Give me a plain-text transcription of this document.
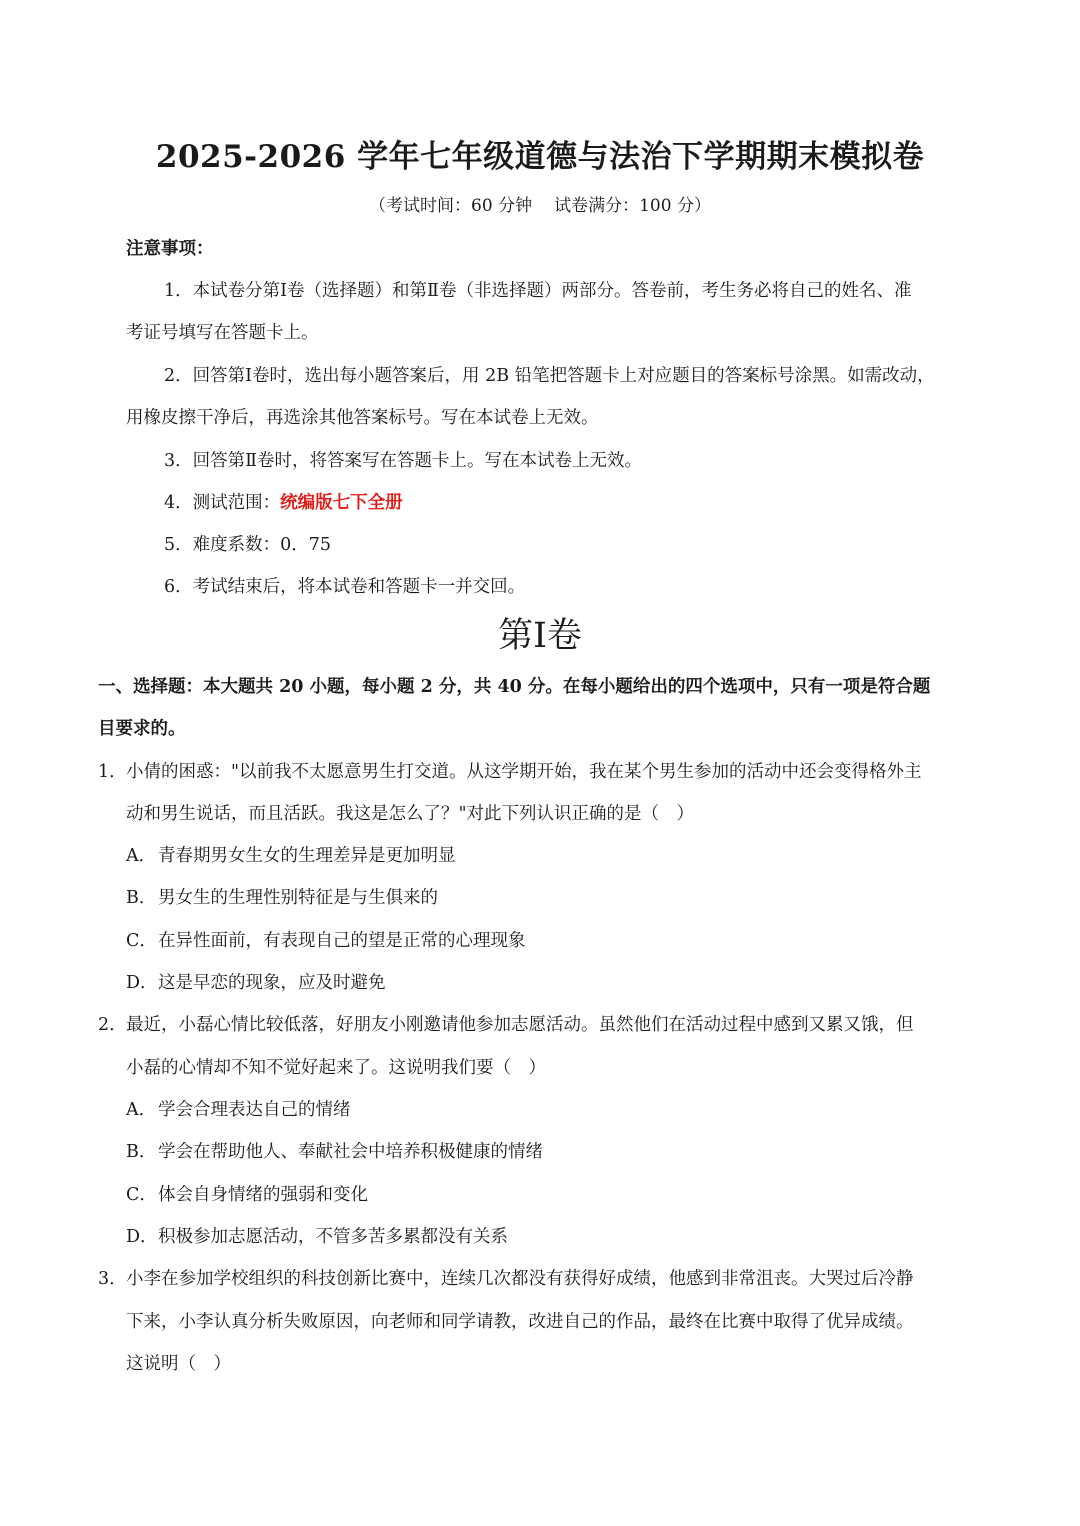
2025-2026 学年七年级道德与法治下学期期末模拟卷
（考试时间：60 分钟 试卷满分：100 分）
注意事项：
1．本试卷分第Ⅰ卷（选择题）和第Ⅱ卷（非选择题）两部分。答卷前，考生务必将自己的姓名、准
考证号填写在答题卡上。
2．回答第Ⅰ卷时，选出每小题答案后，用 2B 铅笔把答题卡上对应题目的答案标号涂黑。如需改动，
用橡皮擦干净后，再选涂其他答案标号。写在本试卷上无效。
3．回答第Ⅱ卷时，将答案写在答题卡上。写在本试卷上无效。
4．测试范围：统编版七下全册
5．难度系数：0．75
6．考试结束后，将本试卷和答题卡一并交回。
第Ⅰ卷
一、选择题：本大题共 20 小题，每小题 2 分，共 40 分。在每小题给出的四个选项中，只有一项是符合题
目要求的。
1．小倩的困惑："以前我不太愿意男生打交道。从这学期开始，我在某个男生参加的活动中还会变得格外主
动和男生说话，而且活跃。我这是怎么了？"对此下列认识正确的是（　）
A． 青春期男女生女的生理差异是更加明显
B．男女生的生理性别特征是与生俱来的
C．在异性面前，有表现自己的望是正常的心理现象
D．这是早恋的现象，应及时避免
2．最近，小磊心情比较低落，好朋友小刚邀请他参加志愿活动。虽然他们在活动过程中感到又累又饿，但
小磊的心情却不知不觉好起来了。这说明我们要（　）
A． 学会合理表达自己的情绪
B．学会在帮助他人、奉献社会中培养积极健康的情绪
C．体会自身情绪的强弱和变化
D．积极参加志愿活动，不管多苦多累都没有关系
3．小李在参加学校组织的科技创新比赛中，连续几次都没有获得好成绩，他感到非常沮丧。大哭过后冷静
下来，小李认真分析失败原因，向老师和同学请教，改进自己的作品，最终在比赛中取得了优异成绩。
这说明（　）
